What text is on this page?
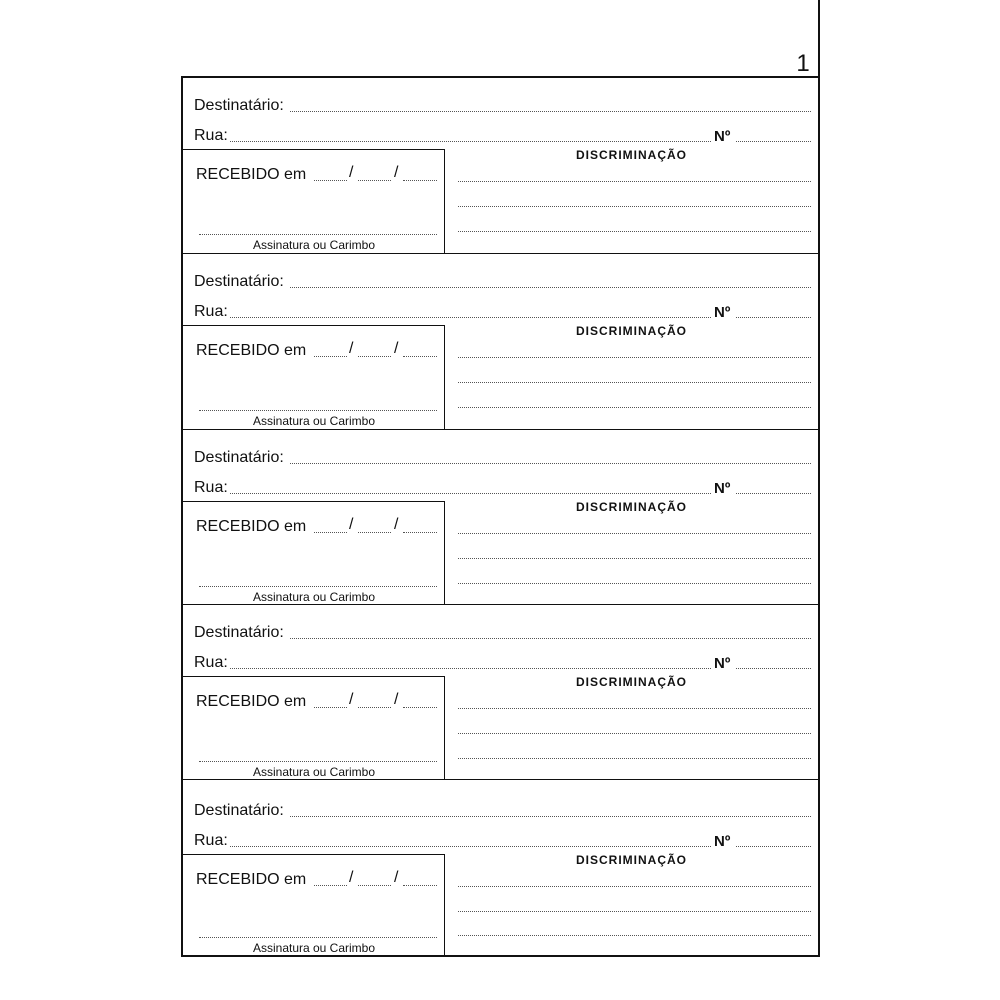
1
Destinatário:
Rua:	Nº
RECEBIDO em	/	/
Assinatura ou Carimbo
DISCRIMINAÇÃO
Destinatário:
Rua:	Nº
RECEBIDO em	/	/
Assinatura ou Carimbo
DISCRIMINAÇÃO
Destinatário:
Rua:	Nº
RECEBIDO em	/	/
Assinatura ou Carimbo
DISCRIMINAÇÃO
Destinatário:
Rua:	Nº
RECEBIDO em	/	/
Assinatura ou Carimbo
DISCRIMINAÇÃO
Destinatário:
Rua:	Nº
RECEBIDO em	/	/
Assinatura ou Carimbo
DISCRIMINAÇÃO
